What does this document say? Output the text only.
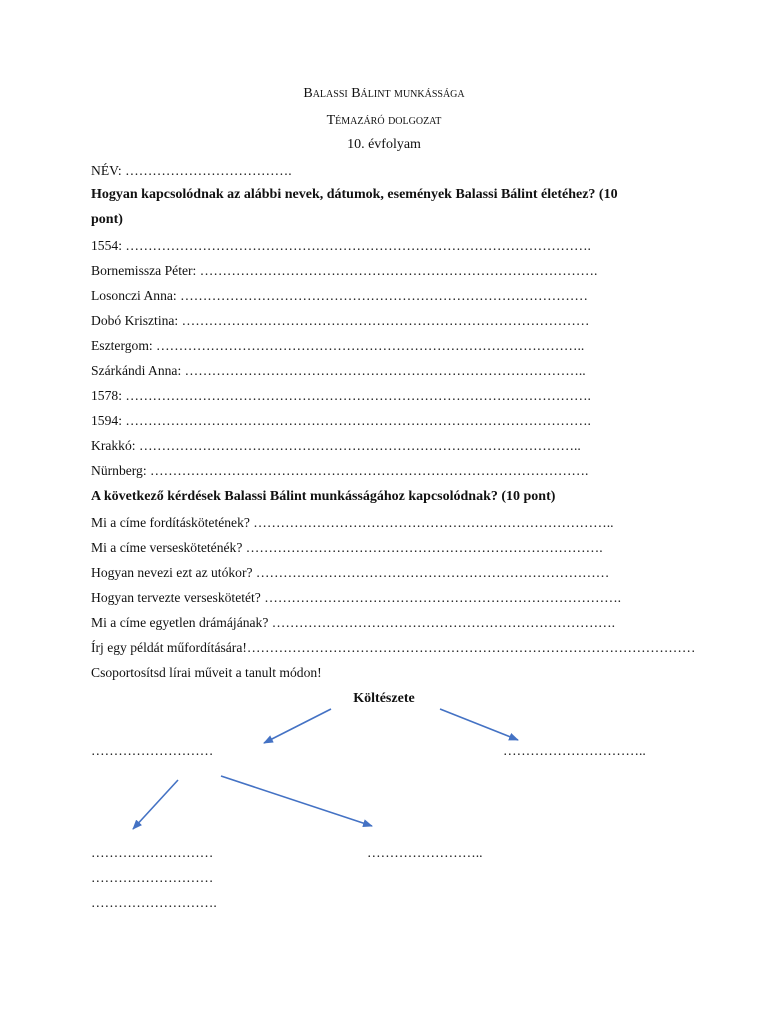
Balassi Bálint munkássága
Témazáró dolgozat
10. évfolyam
NÉV: ……………………………….
Hogyan kapcsolódnak az alábbi nevek, dátumok, események Balassi Bálint életéhez? (10
pont)
1554: ………………………………………………………………………………………….
Bornemissza Péter: …………………………………………………………………………….
Losonczi Anna: ………………………………………………………………………………
Dobó Krisztina: ………………………………………………………………………………
Esztergom: …………………………………………………………………………………..
Szárkándi Anna: ……………………………………………………………………………..
1578: ………………………………………………………………………………………….
1594: ………………………………………………………………………………………….
Krakkó: ……………………………………………………………………………………..
Nürnberg: …………………………………………………………………………………….
A következő kérdések Balassi Bálint munkásságához kapcsolódnak? (10 pont)
Mi a címe fordításkötetének? ……………………………………………………………………..
Mi a címe versesköteténék? …………………………………………………………………….
Hogyan nevezi ezt az utókor? ……………………………………………………………………
Hogyan tervezte verseskötetét? …………………………………………………………………….
Mi a címe egyetlen drámájának? ………………………………………………………………….
Írj egy példát műfordítására!………………………………………………………………………………………
Csoportosítsd lírai műveit a tanult módon!
Költészete
………………………	…………………………..
………………………	……………………..
………………………
……………………….
